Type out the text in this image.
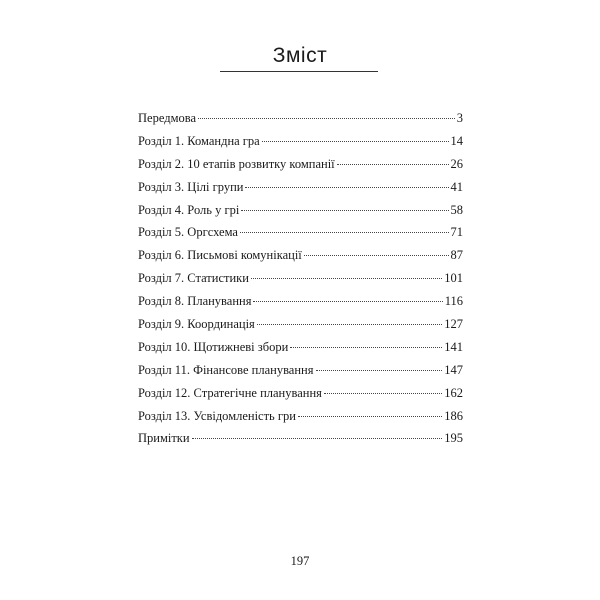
Зміст
Передмова	3
Розділ 1. Командна гра	14
Розділ 2. 10 етапів розвитку компанії	26
Розділ 3. Цілі групи	41
Розділ 4. Роль у грі	58
Розділ 5. Оргсхема	71
Розділ 6. Письмові комунікації	87
Розділ 7. Статистики	101
Розділ 8. Планування	116
Розділ 9. Координація	127
Розділ 10. Щотижневі збори	141
Розділ 11. Фінансове планування	147
Розділ 12. Стратегічне планування	162
Розділ 13. Усвідомленість гри	186
Примітки	195
197
